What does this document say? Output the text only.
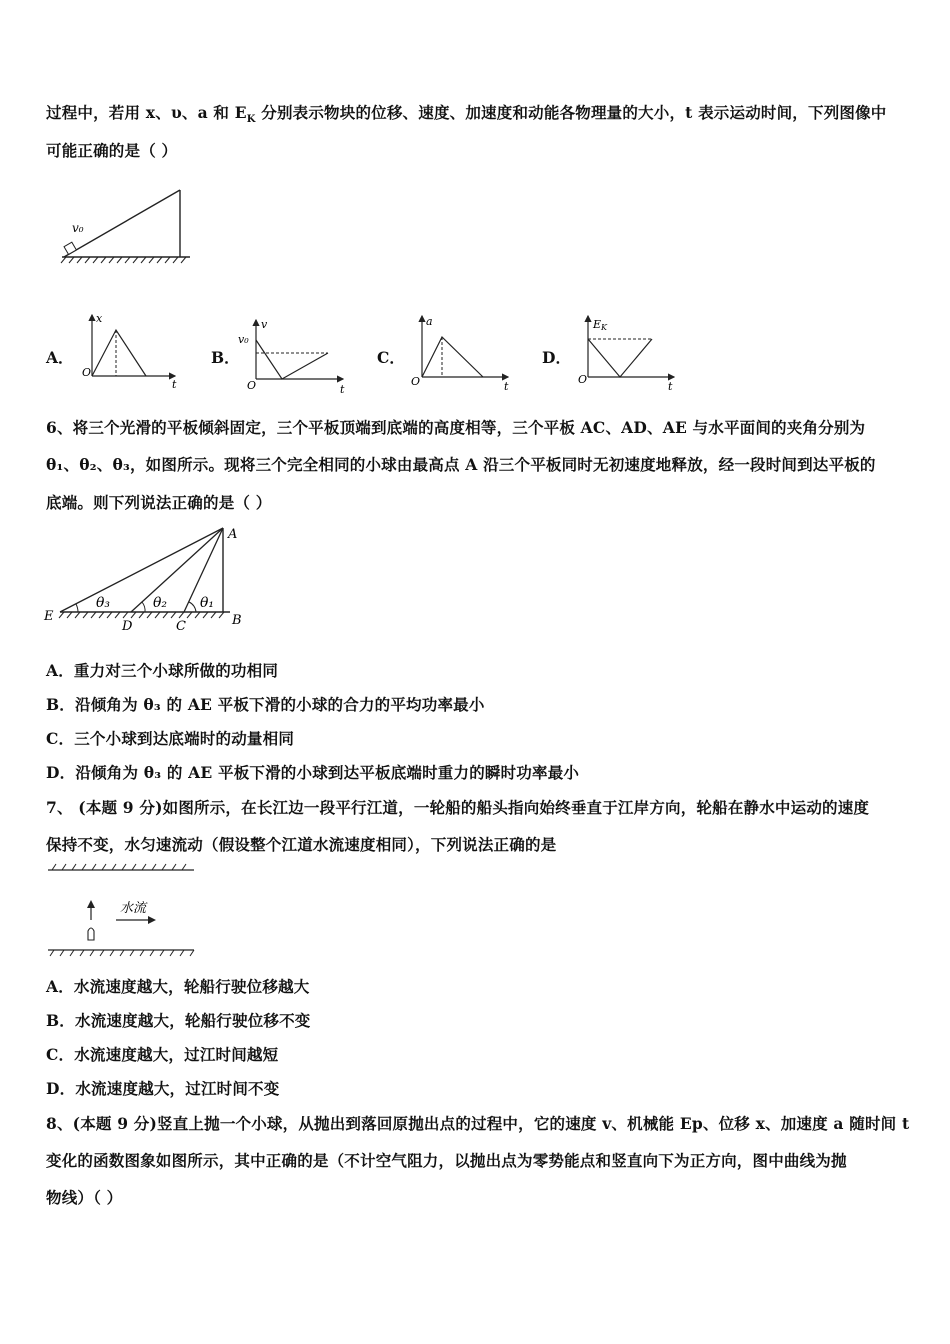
过程中，若用 x、υ、a 和 $E_K$ 分别表示物块的位移、速度、加速度和动能各物理量的大小，t 表示运动时间，下列图像中
可能正确的是（ ）
v₀
A．
x
t
O
B．
v
v₀
t
O
C．
a
t
O
D．
EK
t
O
6、将三个光滑的平板倾斜固定，三个平板顶端到底端的高度相等，三个平板 AC、AD、AE 与水平面间的夹角分别为
θ₁、θ₂、θ₃，如图所示。现将三个完全相同的小球由最高点 A 沿三个平板同时无初速度地释放，经一段时间到达平板的
底端。则下列说法正确的是（ ）
A
B
C
D
E
θ₁
θ₂
θ₃
A．重力对三个小球所做的功相同
B．沿倾角为 θ₃ 的 AE 平板下滑的小球的合力的平均功率最小
C．三个小球到达底端时的动量相同
D．沿倾角为 θ₃ 的 AE 平板下滑的小球到达平板底端时重力的瞬时功率最小
7、 (本题 9 分)如图所示，在长江边一段平行江道，一轮船的船头指向始终垂直于江岸方向，轮船在静水中运动的速度
保持不变，水匀速流动（假设整个江道水流速度相同），下列说法正确的是
水流
A．水流速度越大，轮船行驶位移越大
B．水流速度越大，轮船行驶位移不变
C．水流速度越大，过江时间越短
D．水流速度越大，过江时间不变
8、(本题 9 分)竖直上抛一个小球，从抛出到落回原抛出点的过程中，它的速度 v、机械能 Ep、位移 x、加速度 a 随时间 t
变化的函数图象如图所示，其中正确的是（不计空气阻力，以抛出点为零势能点和竖直向下为正方向，图中曲线为抛
物线）（ ）
